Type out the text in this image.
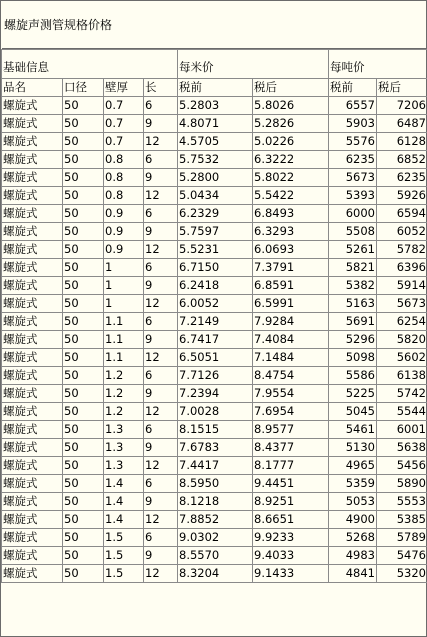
螺旋声测管规格价格
基础信息				每米价		每吨价	
品名	口径	壁厚	长	税前	税后	税前	税后
螺旋式	50	0.7	6	5.2803	5.8026	6557	7206
螺旋式	50	0.7	9	4.8071	5.2826	5903	6487
螺旋式	50	0.7	12	4.5705	5.0226	5576	6128
螺旋式	50	0.8	6	5.7532	6.3222	6235	6852
螺旋式	50	0.8	9	5.2800	5.8022	5673	6235
螺旋式	50	0.8	12	5.0434	5.5422	5393	5926
螺旋式	50	0.9	6	6.2329	6.8493	6000	6594
螺旋式	50	0.9	9	5.7597	6.3293	5508	6052
螺旋式	50	0.9	12	5.5231	6.0693	5261	5782
螺旋式	50	1	6	6.7150	7.3791	5821	6396
螺旋式	50	1	9	6.2418	6.8591	5382	5914
螺旋式	50	1	12	6.0052	6.5991	5163	5673
螺旋式	50	1.1	6	7.2149	7.9284	5691	6254
螺旋式	50	1.1	9	6.7417	7.4084	5296	5820
螺旋式	50	1.1	12	6.5051	7.1484	5098	5602
螺旋式	50	1.2	6	7.7126	8.4754	5586	6138
螺旋式	50	1.2	9	7.2394	7.9554	5225	5742
螺旋式	50	1.2	12	7.0028	7.6954	5045	5544
螺旋式	50	1.3	6	8.1515	8.9577	5461	6001
螺旋式	50	1.3	9	7.6783	8.4377	5130	5638
螺旋式	50	1.3	12	7.4417	8.1777	4965	5456
螺旋式	50	1.4	6	8.5950	9.4451	5359	5890
螺旋式	50	1.4	9	8.1218	8.9251	5053	5553
螺旋式	50	1.4	12	7.8852	8.6651	4900	5385
螺旋式	50	1.5	6	9.0302	9.9233	5268	5789
螺旋式	50	1.5	9	8.5570	9.4033	4983	5476
螺旋式	50	1.5	12	8.3204	9.1433	4841	5320
